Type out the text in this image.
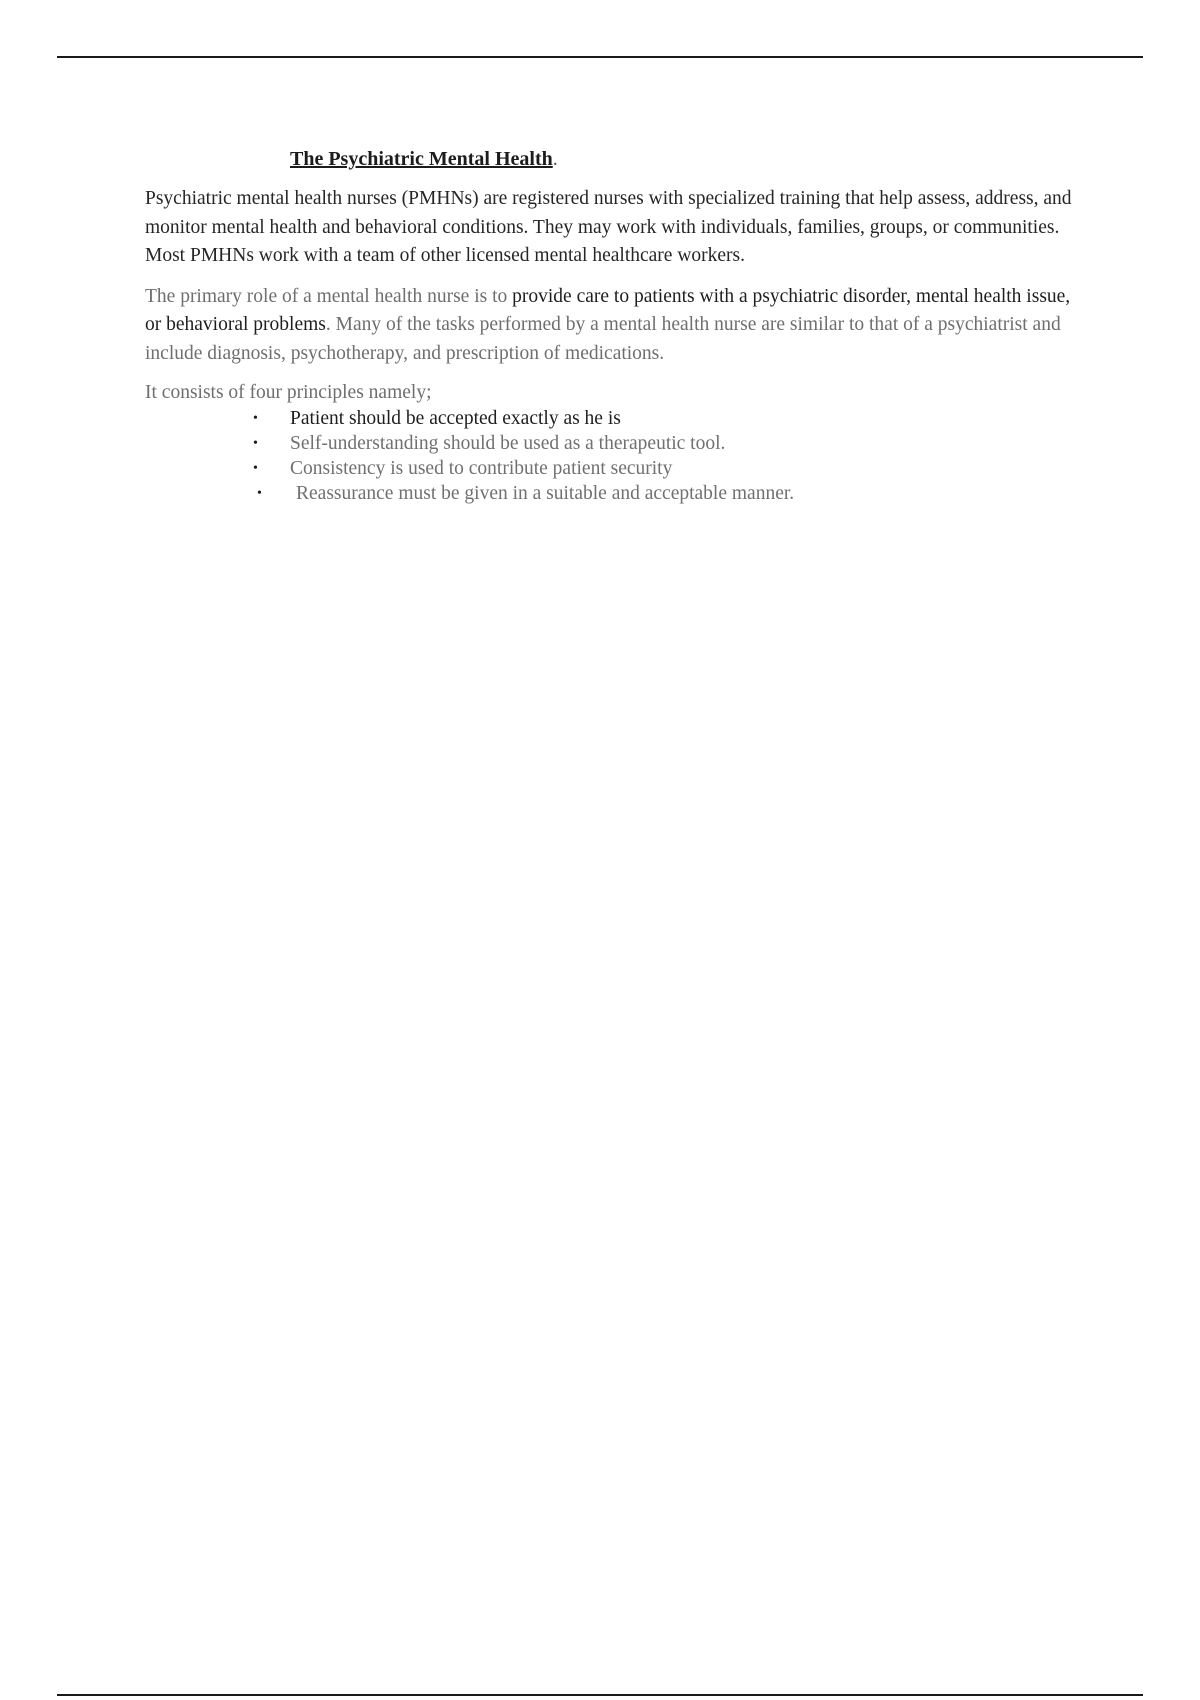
The Psychiatric Mental Health.

Psychiatric mental health nurses (PMHNs) are registered nurses with specialized training that help assess, address, and monitor mental health and behavioral conditions. They may work with individuals, families, groups, or communities. Most PMHNs work with a team of other licensed mental healthcare workers.

The primary role of a mental health nurse is to provide care to patients with a psychiatric disorder, mental health issue, or behavioral problems. Many of the tasks performed by a mental health nurse are similar to that of a psychiatrist and include diagnosis, psychotherapy, and prescription of medications.

It consists of four principles namely;

• Patient should be accepted exactly as he is
• Self-understanding should be used as a therapeutic tool.
• Consistency is used to contribute patient security
• Reassurance must be given in a suitable and acceptable manner.
